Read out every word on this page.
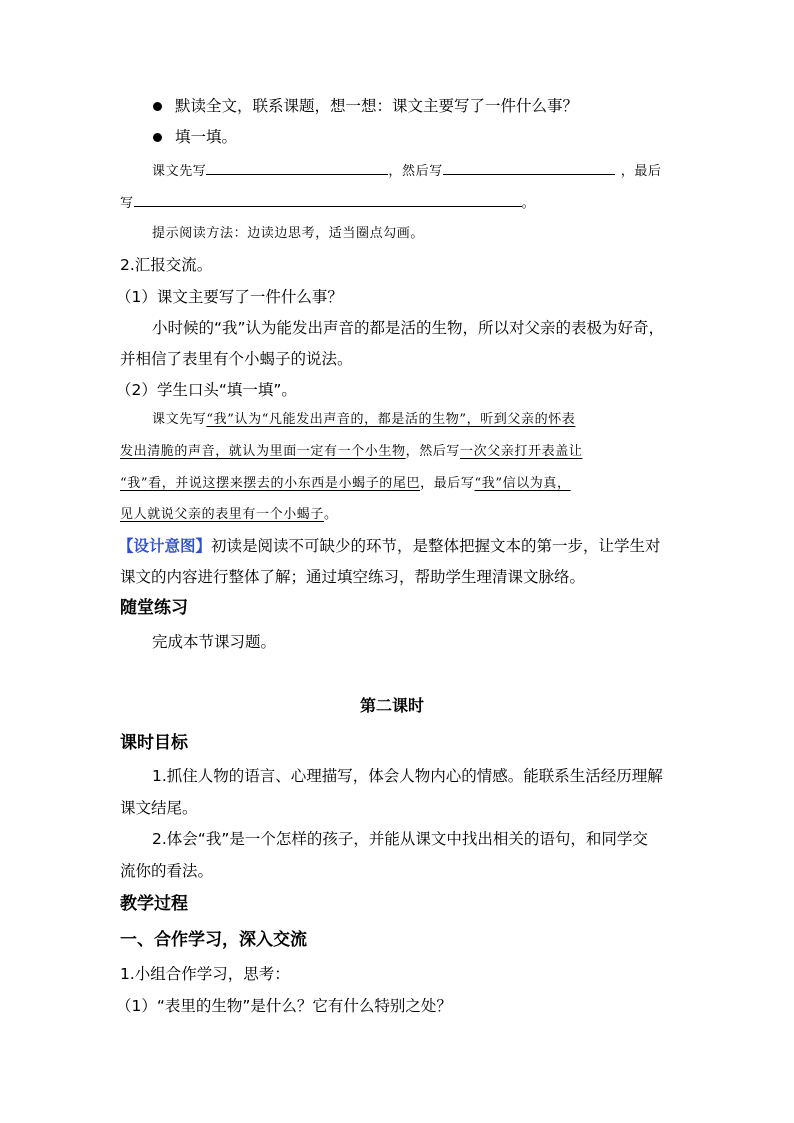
默读全文，联系课题，想一想：课文主要写了一件什么事？
填一填。
课文先写	，然后写	，最后
写	。
提示阅读方法：边读边思考，适当圈点勾画。
2.汇报交流。
（1）课文主要写了一件什么事？
小时候的“我”认为能发出声音的都是活的生物，所以对父亲的表极为好奇，
并相信了表里有个小蝎子的说法。
（2）学生口头“填一填”。
课文先写“我”认为“凡能发出声音的，都是活的生物”，听到父亲的怀表
发出清脆的声音，就认为里面一定有一个小生物，然后写一次父亲打开表盖让
“我”看，并说这摆来摆去的小东西是小蝎子的尾巴，最后写“我”信以为真，
见人就说父亲的表里有一个小蝎子。
【设计意图】初读是阅读不可缺少的环节，是整体把握文本的第一步，让学生对
课文的内容进行整体了解；通过填空练习，帮助学生理清课文脉络。
随堂练习
完成本节课习题。
第二课时
课时目标
1.抓住人物的语言、心理描写，体会人物内心的情感。能联系生活经历理解
课文结尾。
2.体会“我”是一个怎样的孩子，并能从课文中找出相关的语句，和同学交
流你的看法。
教学过程
一、合作学习，深入交流
1.小组合作学习，思考：
（1）“表里的生物”是什么？它有什么特别之处？
